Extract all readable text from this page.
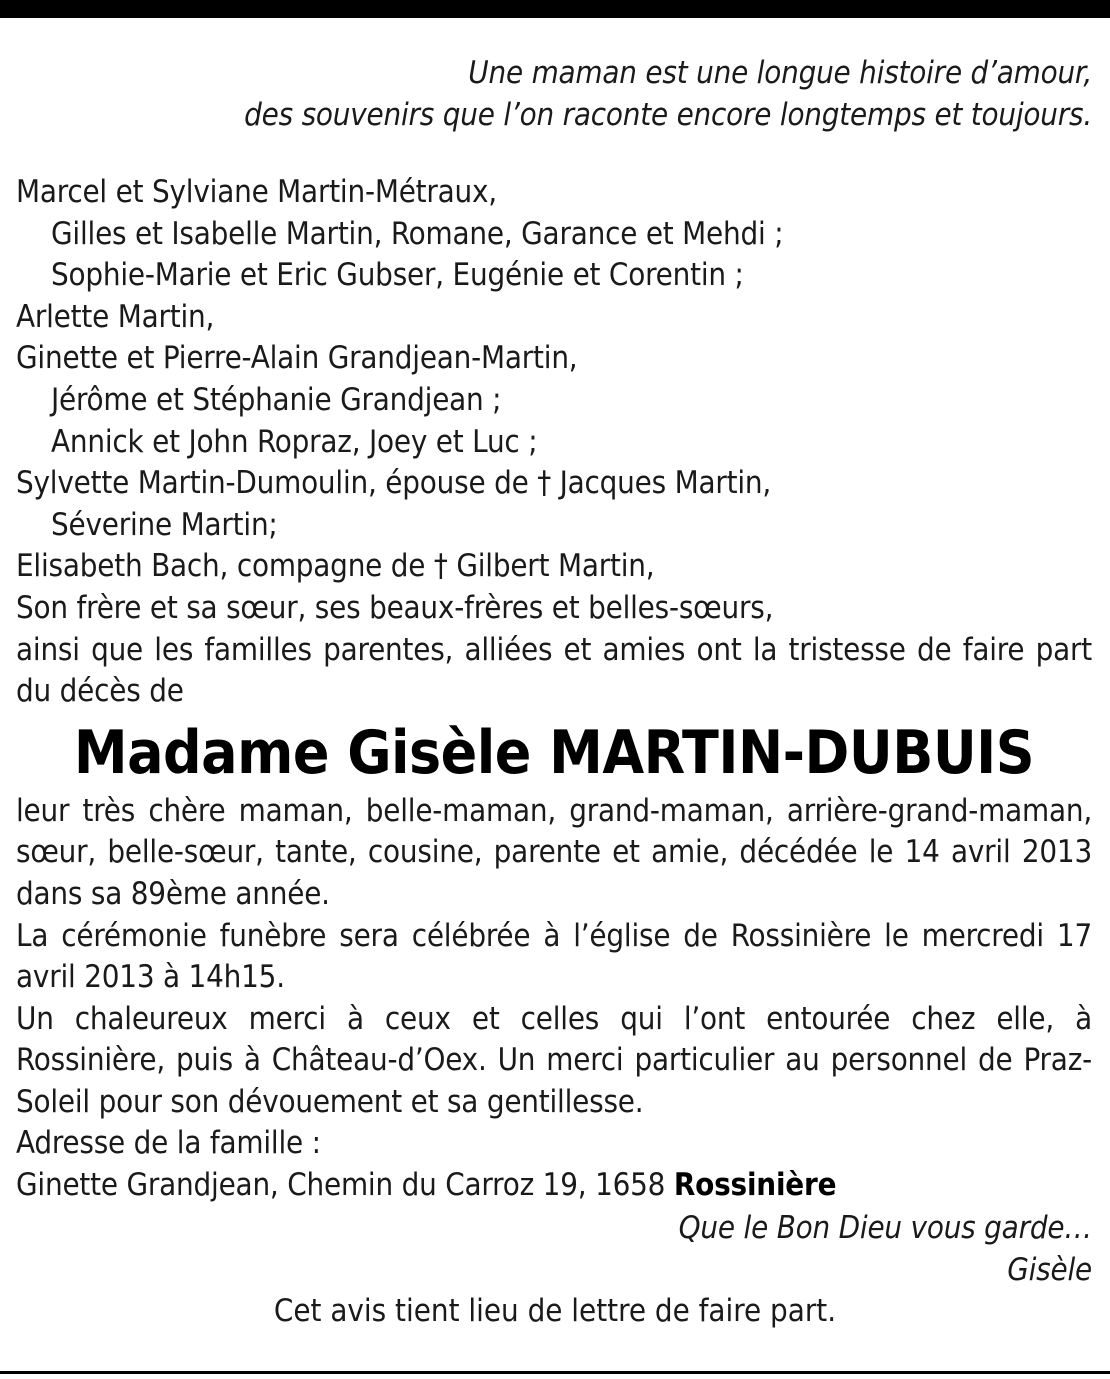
Une maman est une longue histoire d’amour,
des souvenirs que l’on raconte encore longtemps et toujours.
Marcel et Sylviane Martin-Métraux,
Gilles et Isabelle Martin, Romane, Garance et Mehdi ;
Sophie-Marie et Eric Gubser, Eugénie et Corentin ;
Arlette Martin,
Ginette et Pierre-Alain Grandjean-Martin,
Jérôme et Stéphanie Grandjean ;
Annick et John Ropraz, Joey et Luc ;
Sylvette Martin-Dumoulin, épouse de † Jacques Martin,
Séverine Martin;
Elisabeth Bach, compagne de † Gilbert Martin,
Son frère et sa sœur, ses beaux-frères et belles-sœurs,

ainsi que les familles parentes, alliées et amies ont la tristesse de faire part du décès de

Madame Gisèle MARTIN-DUBUIS

leur très chère maman, belle-maman, grand-maman, arrière-grand-maman, sœur, belle-sœur, tante, cousine, parente et amie, décédée le 14 avril 2013 dans sa 89ème année.

La cérémonie funèbre sera célébrée à l’église de Rossinière le mercredi 17 avril 2013 à 14h15.

Un chaleureux merci à ceux et celles qui l’ont entourée chez elle, à Rossinière, puis à Château-d’Oex. Un merci particulier au personnel de Praz-Soleil pour son dévouement et sa gentillesse.

Adresse de la famille :

Ginette Grandjean, Chemin du Carroz 19, 1658 Rossinière

Que le Bon Dieu vous garde…
Gisèle
Cet avis tient lieu de lettre de faire part.
